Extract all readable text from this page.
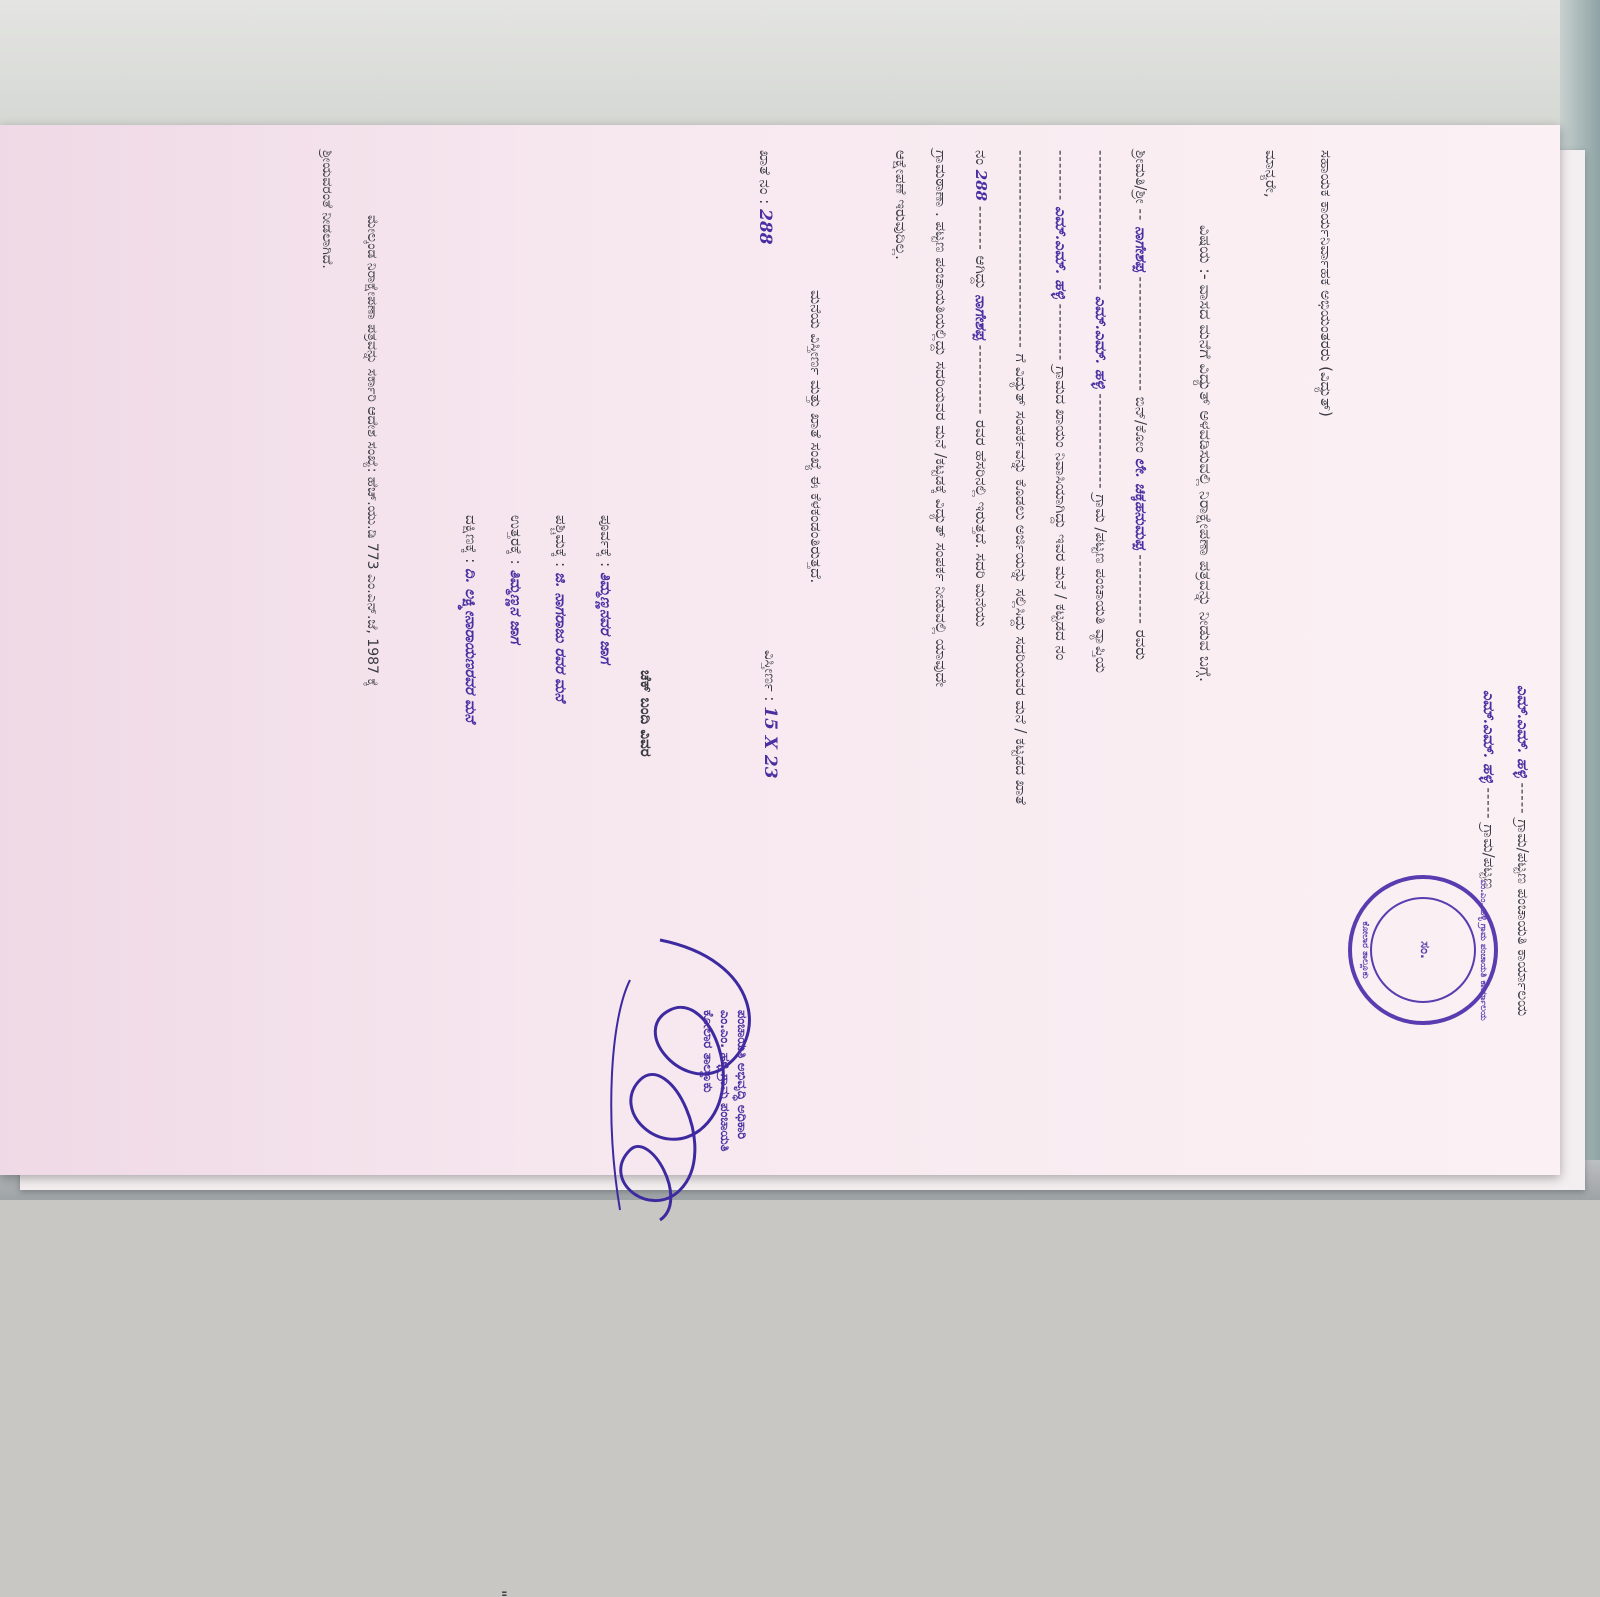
ಎಮ್.ಎಮ್. ಹಳ್ಳಿ ----- ಗ್ರಾಮ/ಪಟ್ಟಣ ಪಂಚಾಯತಿ ಕಾರ್ಯಾಲಯ
ಎಮ್.ಎಮ್. ಹಳ್ಳಿ ----- ಗ್ರಾಮ/ಪಟ್ಟಣ
ಎಂ.ಎಂ. ಹಳ್ಳಿ ಗ್ರಾಮ ಪಂಚಾಯತಿ ಕಾರ್ಯಾಲಯ
ಸಂ.
ಕೋಲಾರ ತಾಲ್ಲೂಕು
ಸಹಾಯಕ ಕಾರ್ಯನಿರ್ವಾಹಕ ಅಭಿಯಂತರರು (ವಿದ್ಯುತ್)
ಮಾನ್ಯರೇ,
ವಿಷಯ :- ವಾಸದ ಮನೆಗೆ ವಿದ್ಯುತ್ ಅಳವಡಿಸುವಲ್ಲಿ ನಿರಾಕ್ಷೇಪಣಾ ಪತ್ರವನ್ನು ನೀಡುವ ಬಗ್ಗೆ.
ಶ್ರೀಮತಿ/ಶ್ರೀ -- ನಾಗೇಶಪ್ಪ ------------------ ಬಿನ್/ಕೋಂ ಲೇ. ಚಿಕ್ಕಹನುಮಪ್ಪ ----------- ರವರು
---------------------- ಎಮ್.ಎಮ್. ಹಳ್ಳಿ --------------- ಗ್ರಾಮ /ಪಟ್ಟಣ ಪಂಚಾಯತಿ ವ್ಯಾಪ್ತಿಯ
-------- ಎಮ್.ಎಮ್. ಹಳ್ಳಿ --------- ಗ್ರಾಮದ ಖಾಯಂ ನಿವಾಸಿಯಾಗಿದ್ದು ಇವರ ಮನೆ / ಕಟ್ಟಡದ ನಂ
------------------------------- ಗೆ ವಿದ್ಯುತ್ ಸಂಪರ್ಕವನ್ನು ಕೊಡಲು ಅರ್ಜಿಯನ್ನು ಸಲ್ಲಿಸಿದ್ದು ಸದರಿಯವರ ಮನೆ / ಕಟ್ಟಡದ ಖಾತೆ
ನಂ 288 ------- ಆಗಿದ್ದು ನಾಗೇಶಪ್ಪ ----------- ರವರ ಹೆಸರಿನಲ್ಲಿ ಇರುತ್ತದೆ. ಸದರಿ ಮನೆಯು
ಗ್ರಾಮಠಾಣಾ . ಪಟ್ಟಣ ಪಂಚಾಯತಿಯಲ್ಲಿದ್ದು ಸದರಿಯವರ ಮನೆ /ಕಟ್ಟಡಕ್ಕೆ ವಿದ್ಯುತ್ ಸಂಪರ್ಕ ನೀಡುವಲ್ಲಿ ಯಾವುದೇ
ಆಕ್ಷೇಪಣೆ ಇರುವುದಿಲ್ಲ.
ಮನೆಯ ವಿಸ್ತೀರ್ಣ ಮತ್ತು ಖಾತೆ ಸಂಖ್ಯೆ ಈ ಕೆಳಕಂಡಂತಿರುತ್ತದೆ.
ವಿಸ್ತೀರ್ಣ : 15 X 23
ಖಾತೆ ನಂ : 288
ಚೆಕ್ ಬಂದಿ ವಿವರ
ಪೂರ್ವಕ್ಕೆ : ತಿಮ್ಮಣ್ಣನವರ ಜಾಗ
ಪಶ್ಚಿಮಕ್ಕೆ : ಜಿ. ನಾಗರಾಜು ರವರ ಮನೆ
ಉತ್ತರಕ್ಕೆ : ತಿಮ್ಮಣ್ಣನ ಜಾಗ
ದಕ್ಷಿಣಕ್ಕೆ : ದಿ. ಲಕ್ಷ್ಮೀನಾರಾಯಣರವರ ಮನೆ
ಮೇಲ್ಕಂಡ ನಿರಾಕ್ಷೇಪಣಾ ಪತ್ರವನ್ನು ಸರ್ಕಾರಿ ಆದೇಶ ಸಂಖ್ಯೆ: ಹೆಚ್.ಯು.ಡಿ 773 ಎಂ.ಎನ್.ಜೆ, 1987 ಕ್ಕೆ
ಶ್ರೀಯವರಂತೆ ನೀಡಲಾಗಿದೆ.
ಪಂಚಾಯತಿ ಅಭಿವೃದ್ಧಿ ಅಧಿಕಾರಿ
ಎಂ.ಎಂ. ಹಳ್ಳಿ ಗ್ರಾಮ ಪಂಚಾಯತಿ
ಕೋಲಾರ ತಾಲ್ಲೂಕು
"
